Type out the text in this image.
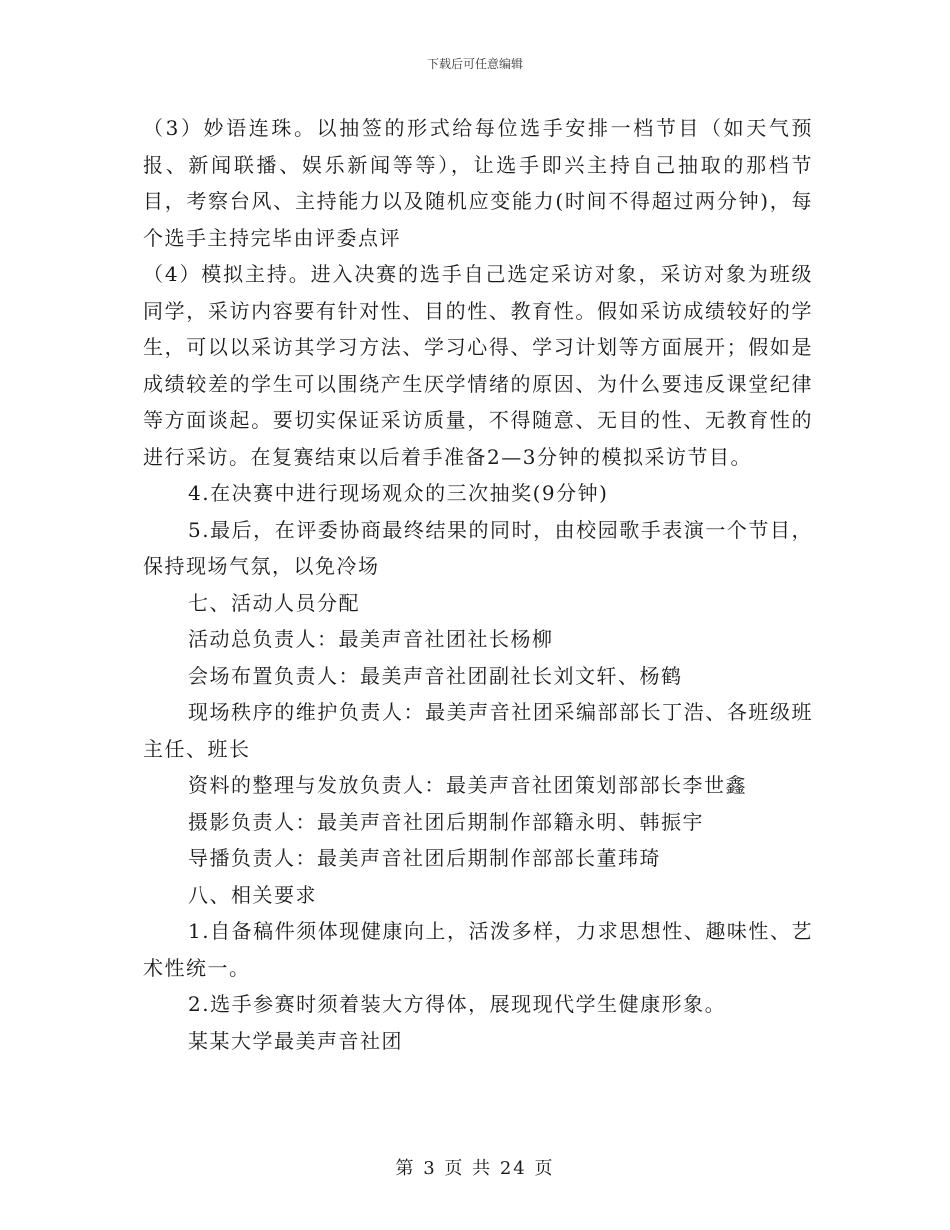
下载后可任意编辑

（3）妙语连珠。以抽签的形式给每位选手安排一档节目（如天气预报、新闻联播、娱乐新闻等等），让选手即兴主持自己抽取的那档节目，考察台风、主持能力以及随机应变能力(时间不得超过两分钟)，每个选手主持完毕由评委点评

（4）模拟主持。进入决赛的选手自己选定采访对象，采访对象为班级同学，采访内容要有针对性、目的性、教育性。假如采访成绩较好的学生，可以以采访其学习方法、学习心得、学习计划等方面展开；假如是成绩较差的学生可以围绕产生厌学情绪的原因、为什么要违反课堂纪律等方面谈起。要切实保证采访质量，不得随意、无目的性、无教育性的进行采访。在复赛结束以后着手准备2—3分钟的模拟采访节目。

4.在决赛中进行现场观众的三次抽奖(9分钟)

5.最后，在评委协商最终结果的同时，由校园歌手表演一个节目，保持现场气氛，以免冷场

七、活动人员分配

活动总负责人：最美声音社团社长杨柳

会场布置负责人：最美声音社团副社长刘文轩、杨鹤

现场秩序的维护负责人：最美声音社团采编部部长丁浩、各班级班主任、班长

资料的整理与发放负责人：最美声音社团策划部部长李世鑫

摄影负责人：最美声音社团后期制作部籍永明、韩振宇

导播负责人：最美声音社团后期制作部部长董玮琦

八、相关要求

1.自备稿件须体现健康向上，活泼多样，力求思想性、趣味性、艺术性统一。

2.选手参赛时须着装大方得体，展现现代学生健康形象。

某某大学最美声音社团

第 3 页 共 24 页
